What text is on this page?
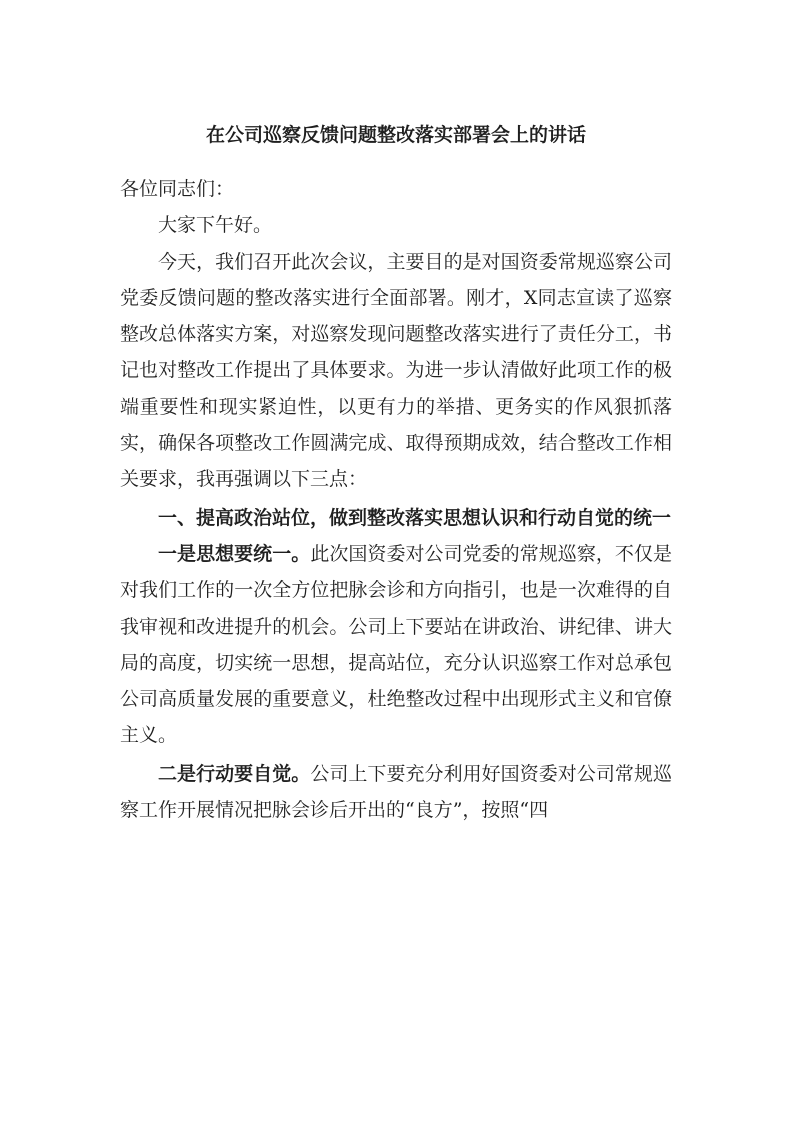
在公司巡察反馈问题整改落实部署会上的讲话
各位同志们：
大家下午好。
今天，我们召开此次会议，主要目的是对国资委常规巡察公司党委反馈问题的整改落实进行全面部署。刚才，X同志宣读了巡察整改总体落实方案，对巡察发现问题整改落实进行了责任分工，书记也对整改工作提出了具体要求。为进一步认清做好此项工作的极端重要性和现实紧迫性，以更有力的举措、更务实的作风狠抓落实，确保各项整改工作圆满完成、取得预期成效，结合整改工作相关要求，我再强调以下三点：
一、提高政治站位，做到整改落实思想认识和行动自觉的统一
一是思想要统一。此次国资委对公司党委的常规巡察，不仅是对我们工作的一次全方位把脉会诊和方向指引，也是一次难得的自我审视和改进提升的机会。公司上下要站在讲政治、讲纪律、讲大局的高度，切实统一思想，提高站位，充分认识巡察工作对总承包公司高质量发展的重要意义，杜绝整改过程中出现形式主义和官僚主义。
二是行动要自觉。公司上下要充分利用好国资委对公司常规巡察工作开展情况把脉会诊后开出的“良方”，按照“四
